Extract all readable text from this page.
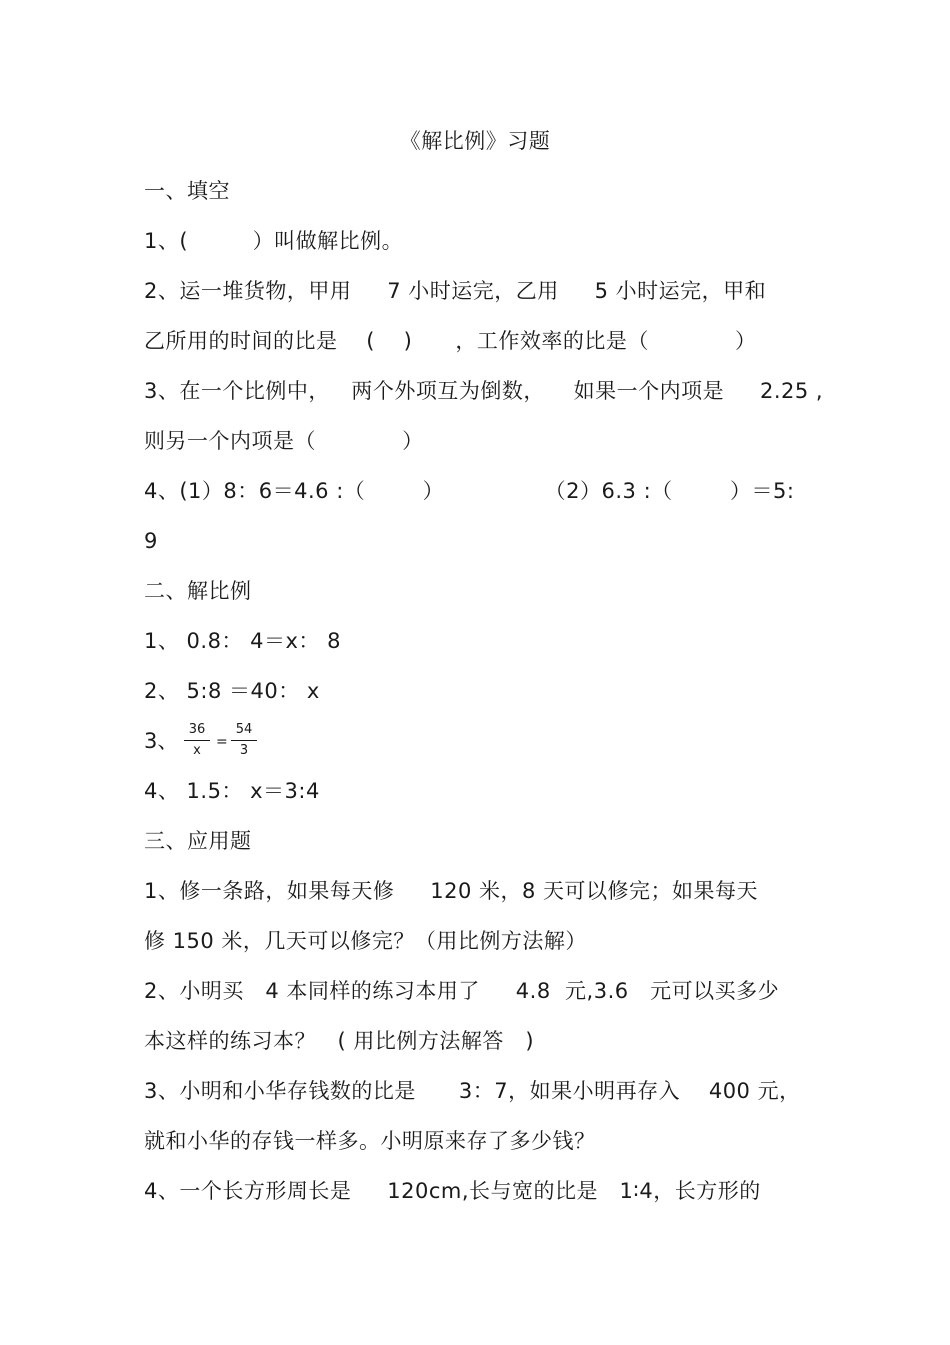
《解比例》习题
一、填空
1、(         ）叫做解比例。
2、运一堆货物，甲用     7 小时运完，乙用     5 小时运完，甲和
乙所用的时间的比是    (    )      ，工作效率的比是（            ）
3、在一个比例中，   两个外项互为倒数，    如果一个内项是     2.25 ,
则另一个内项是（            ）
4、(1）8：6＝4.6 :（        ）              （2）6.3 :（        ）＝5:
9
二、解比例
1、 0.8： 4＝x： 8
2、 5:8 ＝40： x
3、 $\frac{36}{x} = \frac{54}{3}$
4、 1.5： x＝3:4
三、应用题
1、修一条路，如果每天修     120 米，8 天可以修完；如果每天
修 150 米，几天可以修完？（用比例方法解）
2、小明买   4 本同样的练习本用了     4.8  元,3.6   元可以买多少
本这样的练习本？   ( 用比例方法解答   )
3、小明和小华存钱数的比是      3：7，如果小明再存入    400 元，
就和小华的存钱一样多。小明原来存了多少钱？
4、一个长方形周长是     120cm,长与宽的比是   1∶4，长方形的
